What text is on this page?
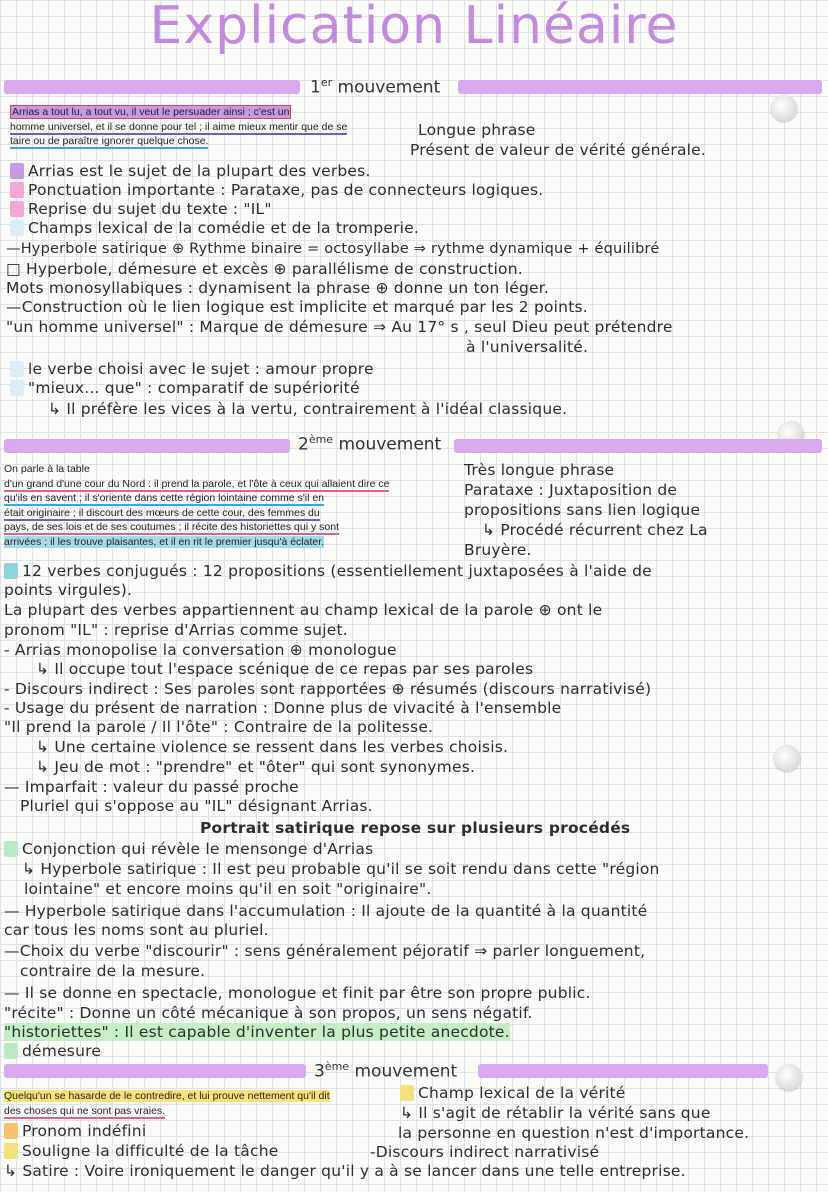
Explication Linéaire
1er mouvement
Arrias a tout lu, a tout vu, il veut le persuader ainsi ; c'est un
homme universel, et il se donne pour tel ; il aime mieux mentir que de se
taire ou de paraître ignorer quelque chose.
Longue phrase
Présent de valeur de vérité générale.
Arrias est le sujet de la plupart des verbes.
Ponctuation importante : Parataxe, pas de connecteurs logiques.
Reprise du sujet du texte : "IL"
Champs lexical de la comédie et de la tromperie.
—Hyperbole satirique ⊕ Rythme binaire = octosyllabe ⇒ rythme dynamique + équilibré
□ Hyperbole, démesure et excès ⊕ parallélisme de construction.
Mots monosyllabiques : dynamisent la phrase ⊕ donne un ton léger.
—Construction où le lien logique est implicite et marqué par les 2 points.
"un homme universel" : Marque de démesure ⇒ Au 17° s , seul Dieu peut prétendre
à l'universalité.
le verbe choisi avec le sujet : amour propre
"mieux... que" : comparatif de supériorité
↳ Il préfère les vices à la vertu, contrairement à l'idéal classique.
2ème mouvement
On parle à la table
d'un grand d'une cour du Nord : il prend la parole, et l'ôte à ceux qui allaient dire ce
qu'ils en savent ; il s'oriente dans cette région lointaine comme s'il en
était originaire ; il discourt des mœurs de cette cour, des femmes du
pays, de ses lois et de ses coutumes ; il récite des historiettes qui y sont
arrivées ; il les trouve plaisantes, et il en rit le premier jusqu'à éclater.
Très longue phrase
Parataxe : Juxtaposition de
propositions sans lien logique
↳ Procédé récurrent chez La
Bruyère.
12 verbes conjugués : 12 propositions (essentiellement juxtaposées à l'aide de
points virgules).
La plupart des verbes appartiennent au champ lexical de la parole ⊕ ont le
pronom "IL" : reprise d'Arrias comme sujet.
- Arrias monopolise la conversation ⊕ monologue
↳ Il occupe tout l'espace scénique de ce repas par ses paroles
- Discours indirect : Ses paroles sont rapportées ⊕ résumés (discours narrativisé)
- Usage du présent de narration : Donne plus de vivacité à l'ensemble
"Il prend la parole / Il l'ôte" : Contraire de la politesse.
↳ Une certaine violence se ressent dans les verbes choisis.
↳ Jeu de mot : "prendre" et "ôter" qui sont synonymes.
— Imparfait : valeur du passé proche
Pluriel qui s'oppose au "IL" désignant Arrias.
Portrait satirique repose sur plusieurs procédés
Conjonction qui révèle le mensonge d'Arrias
↳ Hyperbole satirique : Il est peu probable qu'il se soit rendu dans cette "région
lointaine" et encore moins qu'il en soit "originaire".
— Hyperbole satirique dans l'accumulation : Il ajoute de la quantité à la quantité
car tous les noms sont au pluriel.
—Choix du verbe "discourir" : sens généralement péjoratif ⇒ parler longuement,
contraire de la mesure.
— Il se donne en spectacle, monologue et finit par être son propre public.
"récite" : Donne un côté mécanique à son propos, un sens négatif.
"historiettes" : Il est capable d'inventer la plus petite anecdote.
démesure
3ème mouvement
Quelqu'un se hasarde de le contredire, et lui prouve nettement qu'il dit
des choses qui ne sont pas vraies.
Champ lexical de la vérité
↳ Il s'agit de rétablir la vérité sans que
la personne en question n'est d'importance.
-Discours indirect narrativisé
Pronom indéfini
Souligne la difficulté de la tâche
↳ Satire : Voire ironiquement le danger qu'il y a à se lancer dans une telle entreprise.
